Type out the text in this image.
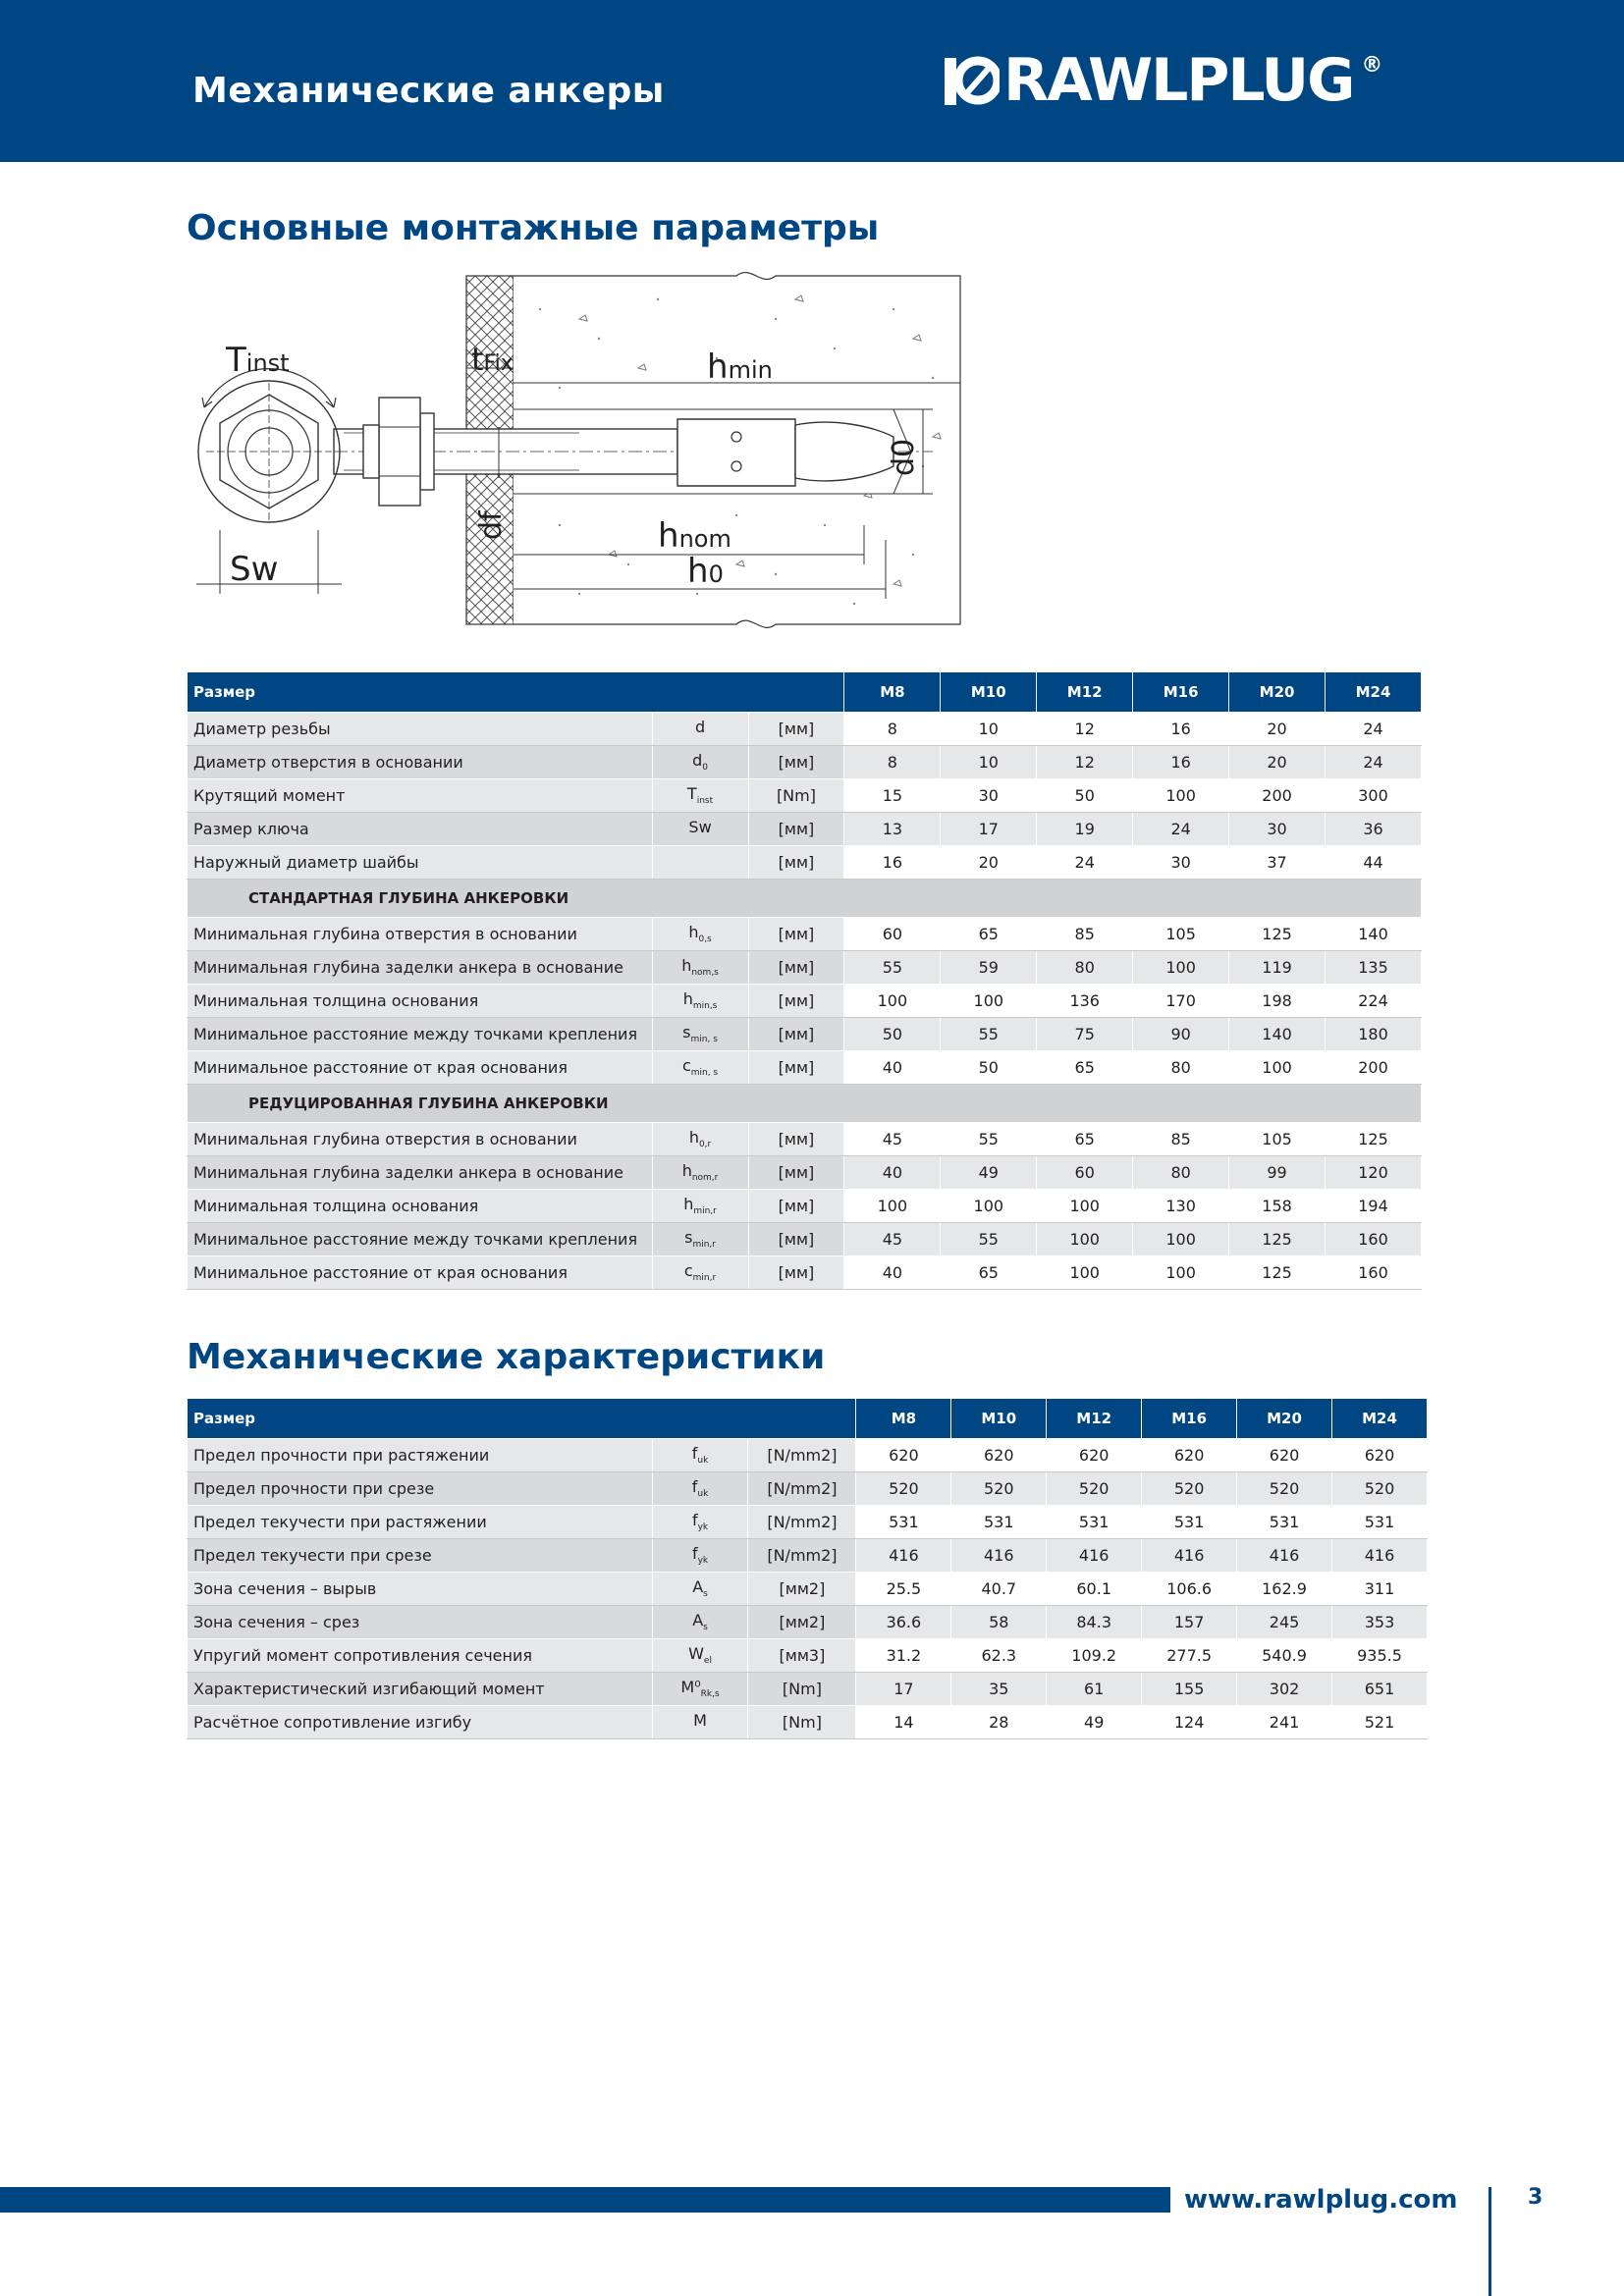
Механические анкеры	RAWLPLUG ®
Основные монтажные параметры
Tinst
Sw
tFix	hmin
d0
df	hnom
h0
Размер			M8	M10	M12	M16	M20	M24
Диаметр резьбы	d	[мм]	8	10	12	16	20	24
Диаметр отверстия в основании	$d_0$	[мм]	8	10	12	16	20	24
Крутящий момент	$T_{inst}$	[Nm]	15	30	50	100	200	300
Размер ключа	Sw	[мм]	13	17	19	24	30	36
Наружный диаметр шайбы		[мм]	16	20	24	30	37	44
СТАНДАРТНАЯ ГЛУБИНА АНКЕРОВКИ								
Минимальная глубина отверстия в основании	$h_{0,s}$	[мм]	60	65	85	105	125	140
Минимальная глубина заделки анкера в основание	$h_{nom,s}$	[мм]	55	59	80	100	119	135
Минимальная толщина основания	$h_{min,s}$	[мм]	100	100	136	170	198	224
Минимальное расстояние между точками крепления	$s_{min, s}$	[мм]	50	55	75	90	140	180
Минимальное расстояние от края основания	$c_{min, s}$	[мм]	40	50	65	80	100	200
РЕДУЦИРОВАННАЯ ГЛУБИНА АНКЕРОВКИ								
Минимальная глубина отверстия в основании	$h_{0,r}$	[мм]	45	55	65	85	105	125
Минимальная глубина заделки анкера в основание	$h_{nom,r}$	[мм]	40	49	60	80	99	120
Минимальная толщина основания	$h_{min,r}$	[мм]	100	100	100	130	158	194
Минимальное расстояние между точками крепления	$s_{min,r}$	[мм]	45	55	100	100	125	160
Минимальное расстояние от края основания	$c_{min,r}$	[мм]	40	65	100	100	125	160
Механические характеристики
Размер			M8	M10	M12	M16	M20	M24
Предел прочности при растяжении	$f_{uk}$	[N/mm2]	620	620	620	620	620	620
Предел прочности при срезе	$f_{uk}$	[N/mm2]	520	520	520	520	520	520
Предел текучести при растяжении	$f_{yk}$	[N/mm2]	531	531	531	531	531	531
Предел текучести при срезе	$f_{yk}$	[N/mm2]	416	416	416	416	416	416
Зона сечения – вырыв	$A_s$	[мм2]	25.5	40.7	60.1	106.6	162.9	311
Зона сечения – срез	$A_s$	[мм2]	36.6	58	84.3	157	245	353
Упругий момент сопротивления сечения	$W_{el}$	[мм3]	31.2	62.3	109.2	277.5	540.9	935.5
Характеристический изгибающий момент	$M^0_{Rk,s}$	[Nm]	17	35	61	155	302	651
Расчётное сопротивление изгибу	M	[Nm]	14	28	49	124	241	521
www.rawlplug.com	3
